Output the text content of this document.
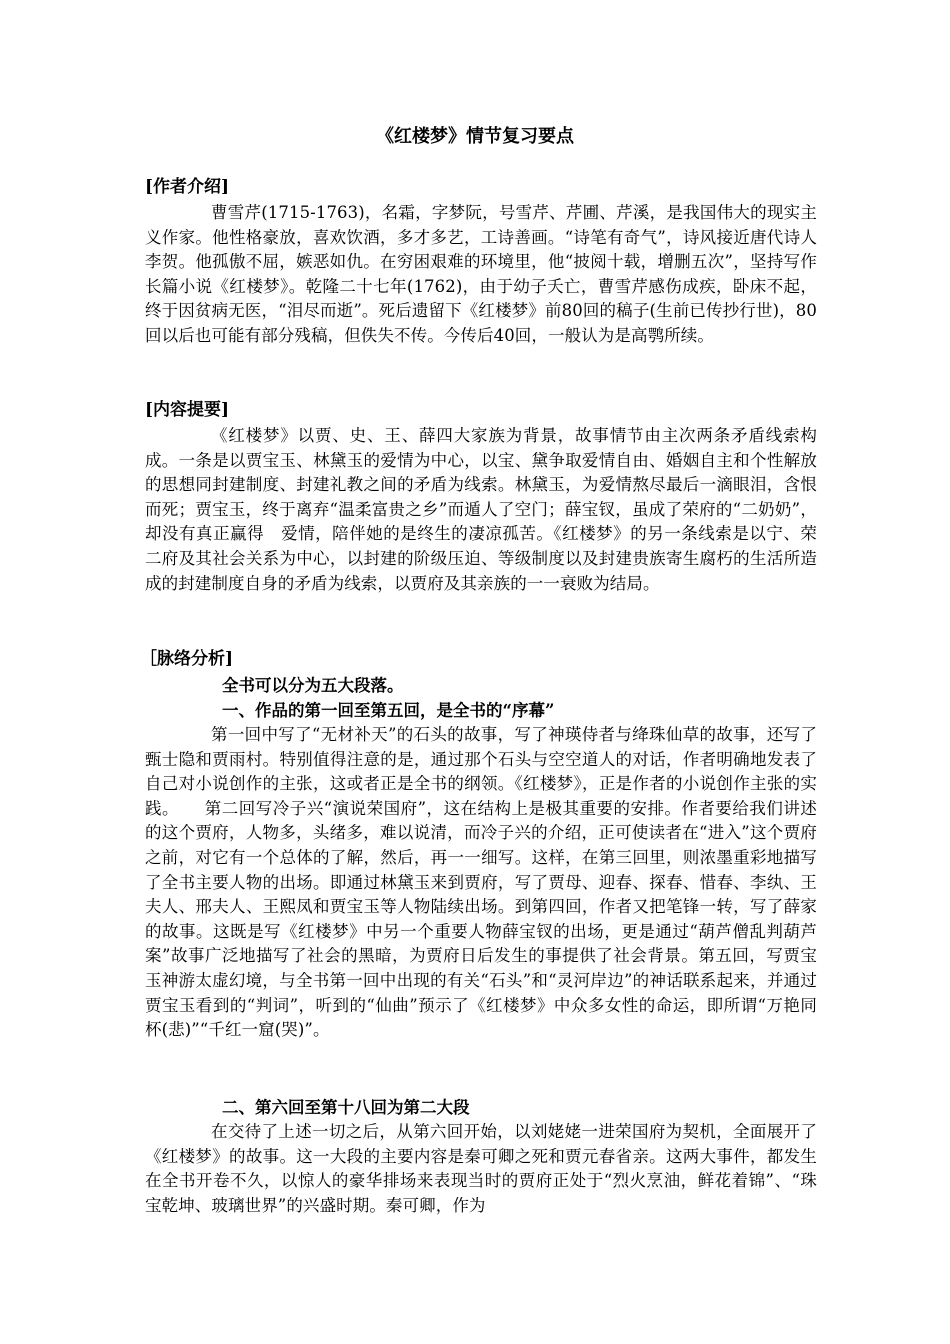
《红楼梦》情节复习要点
[作者介绍]

曹雪芹(1715-1763)，名霜，字梦阮，号雪芹、芹圃、芹溪，是我国伟大的现实主义作家。他性格豪放，喜欢饮酒，多才多艺，工诗善画。“诗笔有奇气”，诗风接近唐代诗人李贺。他孤傲不屈，嫉恶如仇。在穷困艰难的环境里，他“披阅十载，增删五次”，坚持写作长篇小说《红楼梦》。乾隆二十七年(1762)，由于幼子夭亡，曹雪芹感伤成疾，卧床不起，终于因贫病无医，“泪尽而逝”。死后遗留下《红楼梦》前80回的稿子(生前已传抄行世)，80回以后也可能有部分残稿，但佚失不传。今传后40回，一般认为是高鹗所续。

[内容提要]

《红楼梦》以贾、史、王、薛四大家族为背景，故事情节由主次两条矛盾线索构成。一条是以贾宝玉、林黛玉的爱情为中心，以宝、黛争取爱情自由、婚姻自主和个性解放的思想同封建制度、封建礼教之间的矛盾为线索。林黛玉，为爱情熬尽最后一滴眼泪，含恨而死；贾宝玉，终于离弃“温柔富贵之乡”而遁人了空门；薛宝钗，虽成了荣府的“二奶奶”，却没有真正赢得　爱情，陪伴她的是终生的凄凉孤苦。《红楼梦》的另一条线索是以宁、荣二府及其社会关系为中心，以封建的阶级压迫、等级制度以及封建贵族寄生腐朽的生活所造成的封建制度自身的矛盾为线索，以贾府及其亲族的一一衰败为结局。

［脉络分析]

全书可以分为五大段落。

一、作品的第一回至第五回，是全书的“序幕”

第一回中写了“无材补天”的石头的故事，写了神瑛侍者与绛珠仙草的故事，还写了甄士隐和贾雨村。特别值得注意的是，通过那个石头与空空道人的对话，作者明确地发表了自己对小说创作的主张，这或者正是全书的纲领。《红楼梦》，正是作者的小说创作主张的实践。　　第二回写冷子兴“演说荣国府”，这在结构上是极其重要的安排。作者要给我们讲述的这个贾府，人物多，头绪多，难以说清，而冷子兴的介绍，正可使读者在“进入”这个贾府之前，对它有一个总体的了解，然后，再一一细写。这样，在第三回里，则浓墨重彩地描写了全书主要人物的出场。即通过林黛玉来到贾府，写了贾母、迎春、探春、惜春、李纨、王夫人、邢夫人、王熙凤和贾宝玉等人物陆续出场。到第四回，作者又把笔锋一转，写了薛家的故事。这既是写《红楼梦》中另一个重要人物薛宝钗的出场，更是通过“葫芦僧乱判葫芦案”故事广泛地描写了社会的黑暗，为贾府日后发生的事提供了社会背景。第五回，写贾宝玉神游太虚幻境，与全书第一回中出现的有关“石头”和“灵河岸边”的神话联系起来，并通过贾宝玉看到的“判词”，听到的“仙曲”预示了《红楼梦》中众多女性的命运，即所谓“万艳同杯(悲)”“千红一窟(哭)”。

二、第六回至第十八回为第二大段

在交待了上述一切之后，从第六回开始，以刘姥姥一进荣国府为契机，全面展开了《红楼梦》的故事。这一大段的主要内容是秦可卿之死和贾元春省亲。这两大事件，都发生在全书开卷不久，以惊人的豪华排场来表现当时的贾府正处于“烈火烹油，鲜花着锦”、“珠宝乾坤、玻璃世界”的兴盛时期。秦可卿，作为
